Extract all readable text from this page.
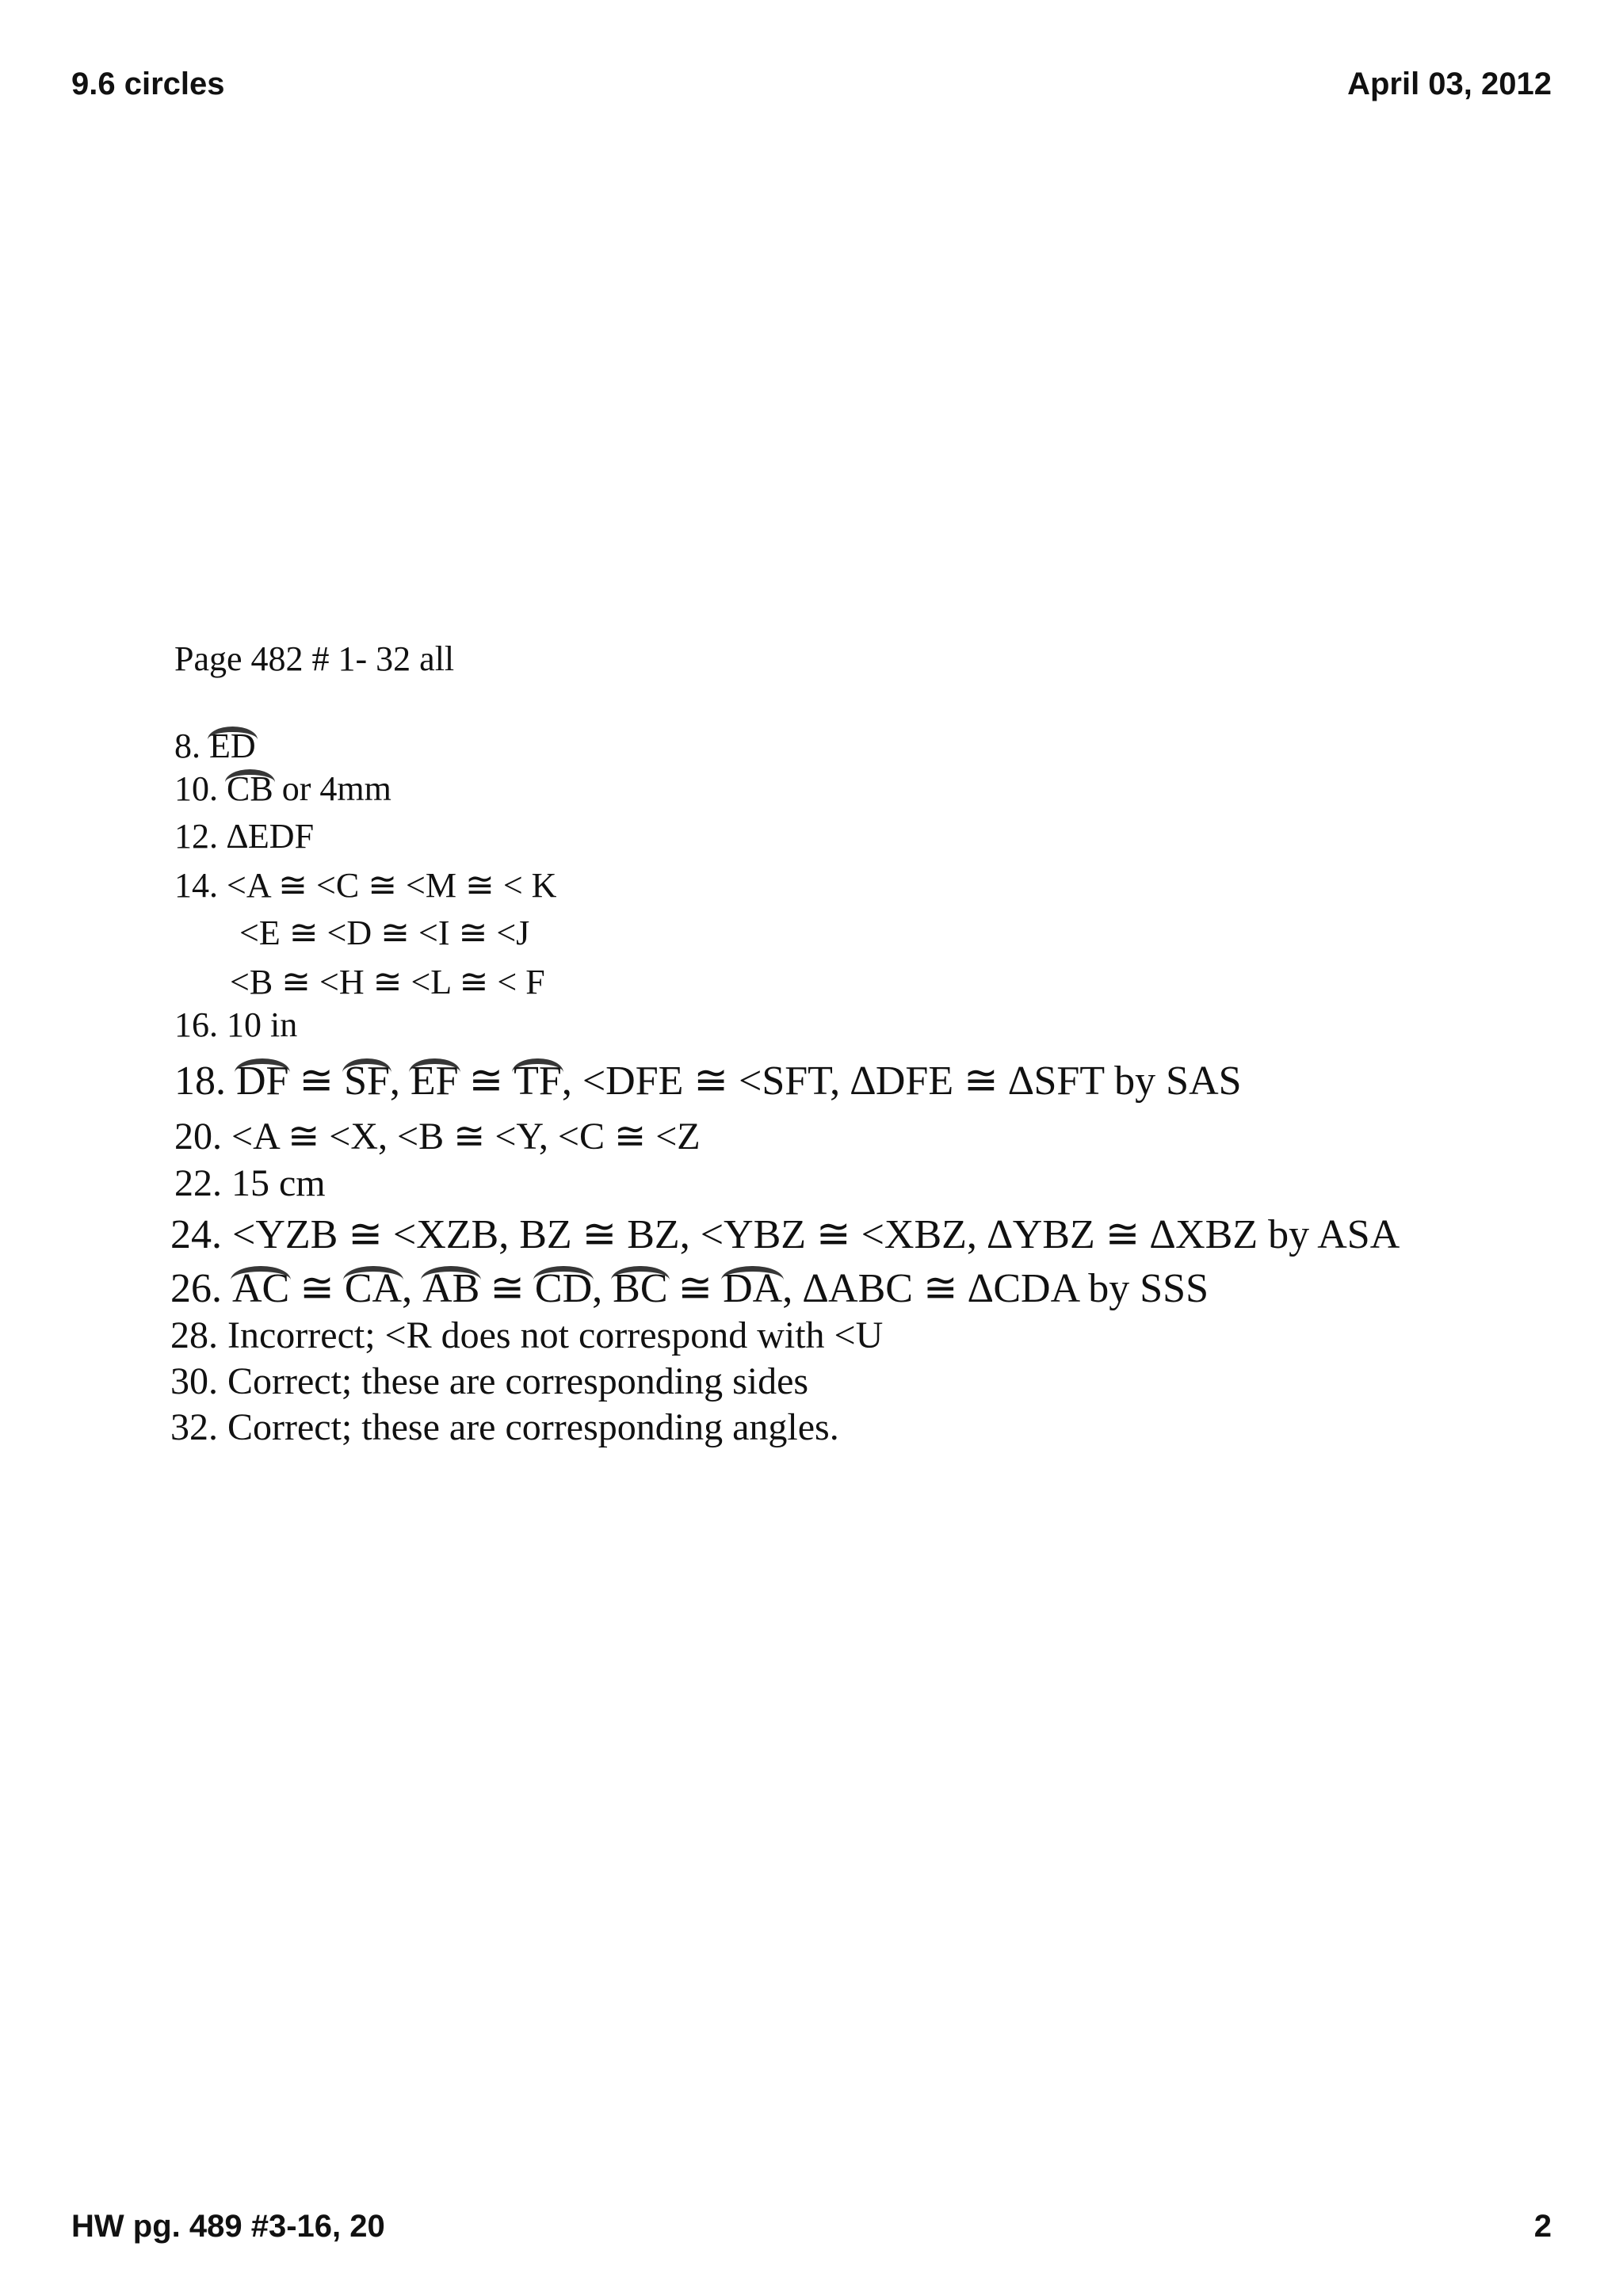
9.6 circles	April 03, 2012
Page 482 # 1- 32 all
8. ED
10. CB or 4mm
12. ∆EDF
14. <A ≅ <C ≅ <M ≅ < K
<E ≅ <D ≅ <I ≅ <J
<B ≅ <H ≅ <L ≅ < F
16. 10 in
18. DF ≅ SF, EF ≅ TF, <DFE ≅ <SFT, ∆DFE ≅ ∆SFT by SAS
20. <A ≅ <X, <B ≅ <Y, <C ≅ <Z
22. 15 cm
24. <YZB ≅ <XZB, BZ ≅ BZ, <YBZ ≅ <XBZ, ∆YBZ ≅ ∆XBZ by ASA
26. AC ≅ CA, AB ≅ CD, BC ≅ DA, ∆ABC ≅ ∆CDA by SSS
28. Incorrect; <R does not correspond with <U
30. Correct; these are corresponding sides
32. Correct; these are corresponding angles.
HW pg. 489 #3-16, 20	2
